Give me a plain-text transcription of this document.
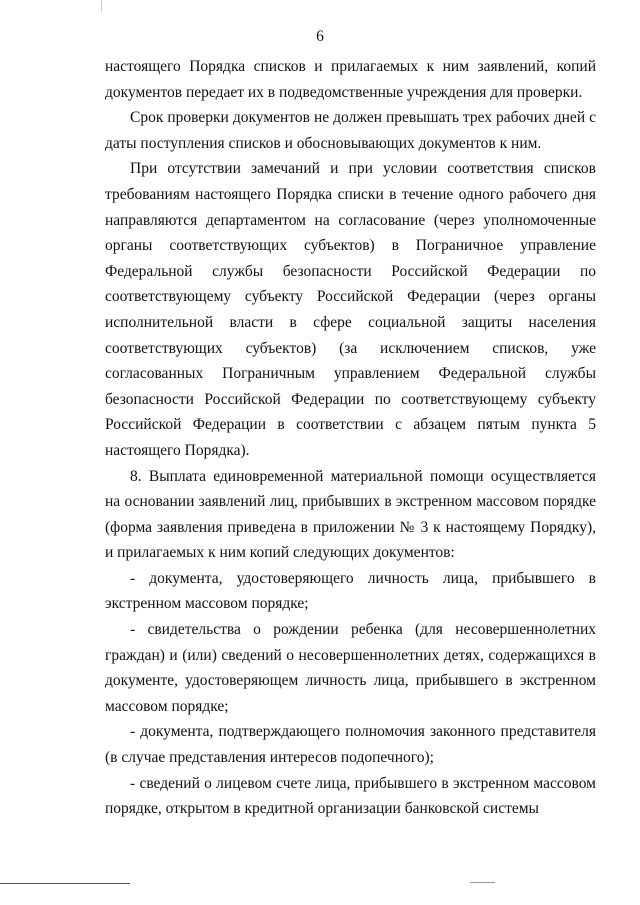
6

настоящего Порядка списков и прилагаемых к ним заявлений, копий документов передает их в подведомственные учреждения для проверки.

Срок проверки документов не должен превышать трех рабочих дней с даты поступления списков и обосновывающих документов к ним.

При отсутствии замечаний и при условии соответствия списков требованиям настоящего Порядка списки в течение одного рабочего дня направляются департаментом на согласование (через уполномоченные органы соответствующих субъектов) в Пограничное управление Федеральной службы безопасности Российской Федерации по соответствующему субъекту Российской Федерации (через органы исполнительной власти в сфере социальной защиты населения соответствующих субъектов) (за исключением списков, уже согласованных Пограничным управлением Федеральной службы безопасности Российской Федерации по соответствующему субъекту Российской Федерации в соответствии с абзацем пятым пункта 5 настоящего Порядка).

8. Выплата единовременной материальной помощи осуществляется на основании заявлений лиц, прибывших в экстренном массовом порядке (форма заявления приведена в приложении № 3 к настоящему Порядку), и прилагаемых к ним копий следующих документов:

- документа, удостоверяющего личность лица, прибывшего в экстренном массовом порядке;

- свидетельства о рождении ребенка (для несовершеннолетних граждан) и (или) сведений о несовершеннолетних детях, содержащихся в документе, удостоверяющем личность лица, прибывшего в экстренном массовом порядке;

- документа, подтверждающего полномочия законного представителя (в случае представления интересов подопечного);

- сведений о лицевом счете лица, прибывшего в экстренном массовом порядке, открытом в кредитной организации банковской системы
